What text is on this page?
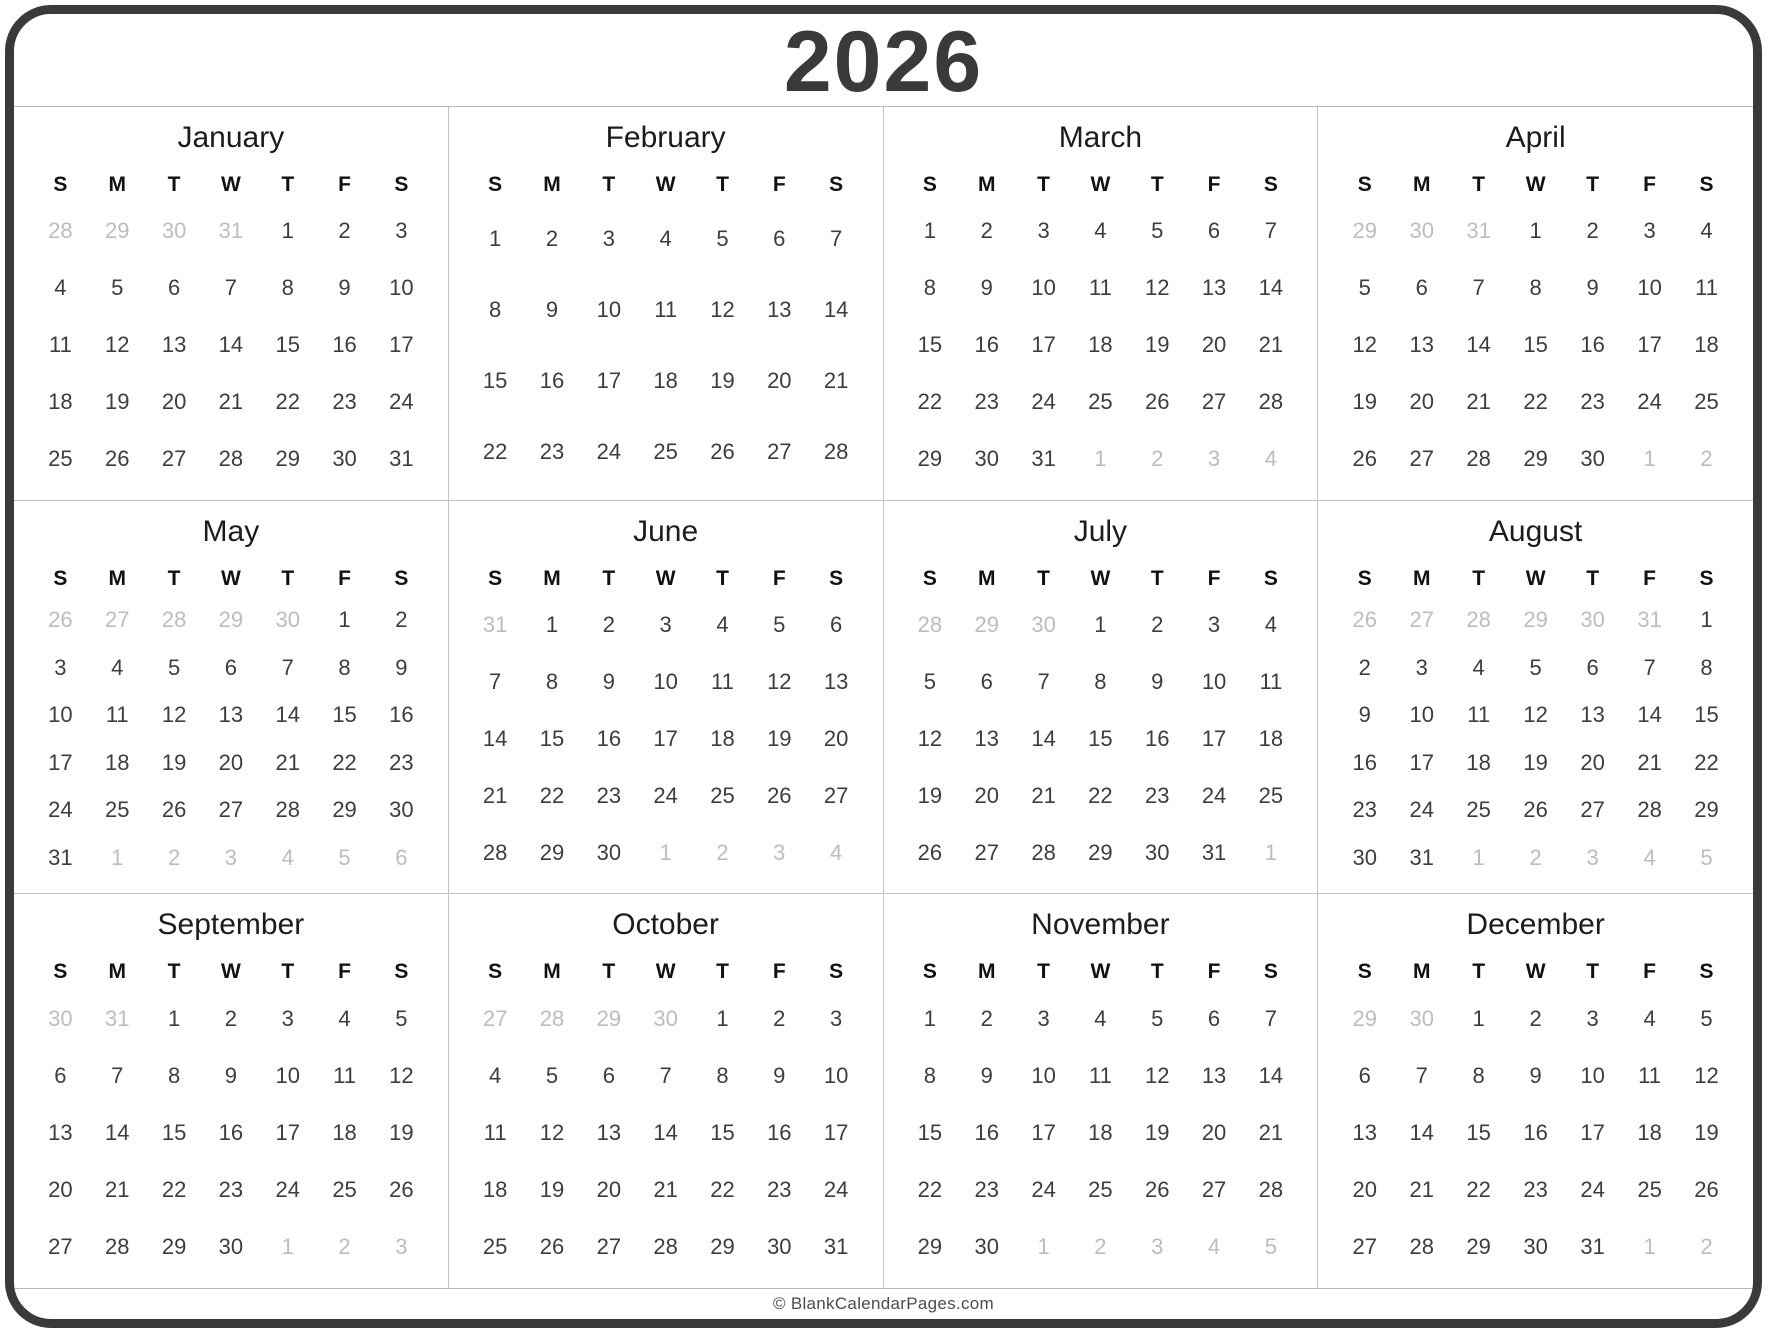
2026
January
S	M	T	W	T	F	S
28	29	30	31	1	2	3
4	5	6	7	8	9	10
11	12	13	14	15	16	17
18	19	20	21	22	23	24
25	26	27	28	29	30	31
February
S	M	T	W	T	F	S
1	2	3	4	5	6	7
8	9	10	11	12	13	14
15	16	17	18	19	20	21
22	23	24	25	26	27	28
March
S	M	T	W	T	F	S
1	2	3	4	5	6	7
8	9	10	11	12	13	14
15	16	17	18	19	20	21
22	23	24	25	26	27	28
29	30	31	1	2	3	4
April
S	M	T	W	T	F	S
29	30	31	1	2	3	4
5	6	7	8	9	10	11
12	13	14	15	16	17	18
19	20	21	22	23	24	25
26	27	28	29	30	1	2
May
S	M	T	W	T	F	S
26	27	28	29	30	1	2
3	4	5	6	7	8	9
10	11	12	13	14	15	16
17	18	19	20	21	22	23
24	25	26	27	28	29	30
31	1	2	3	4	5	6
June
S	M	T	W	T	F	S
31	1	2	3	4	5	6
7	8	9	10	11	12	13
14	15	16	17	18	19	20
21	22	23	24	25	26	27
28	29	30	1	2	3	4
July
S	M	T	W	T	F	S
28	29	30	1	2	3	4
5	6	7	8	9	10	11
12	13	14	15	16	17	18
19	20	21	22	23	24	25
26	27	28	29	30	31	1
August
S	M	T	W	T	F	S
26	27	28	29	30	31	1
2	3	4	5	6	7	8
9	10	11	12	13	14	15
16	17	18	19	20	21	22
23	24	25	26	27	28	29
30	31	1	2	3	4	5
September
S	M	T	W	T	F	S
30	31	1	2	3	4	5
6	7	8	9	10	11	12
13	14	15	16	17	18	19
20	21	22	23	24	25	26
27	28	29	30	1	2	3
October
S	M	T	W	T	F	S
27	28	29	30	1	2	3
4	5	6	7	8	9	10
11	12	13	14	15	16	17
18	19	20	21	22	23	24
25	26	27	28	29	30	31
November
S	M	T	W	T	F	S
1	2	3	4	5	6	7
8	9	10	11	12	13	14
15	16	17	18	19	20	21
22	23	24	25	26	27	28
29	30	1	2	3	4	5
December
S	M	T	W	T	F	S
29	30	1	2	3	4	5
6	7	8	9	10	11	12
13	14	15	16	17	18	19
20	21	22	23	24	25	26
27	28	29	30	31	1	2
© BlankCalendarPages.com
